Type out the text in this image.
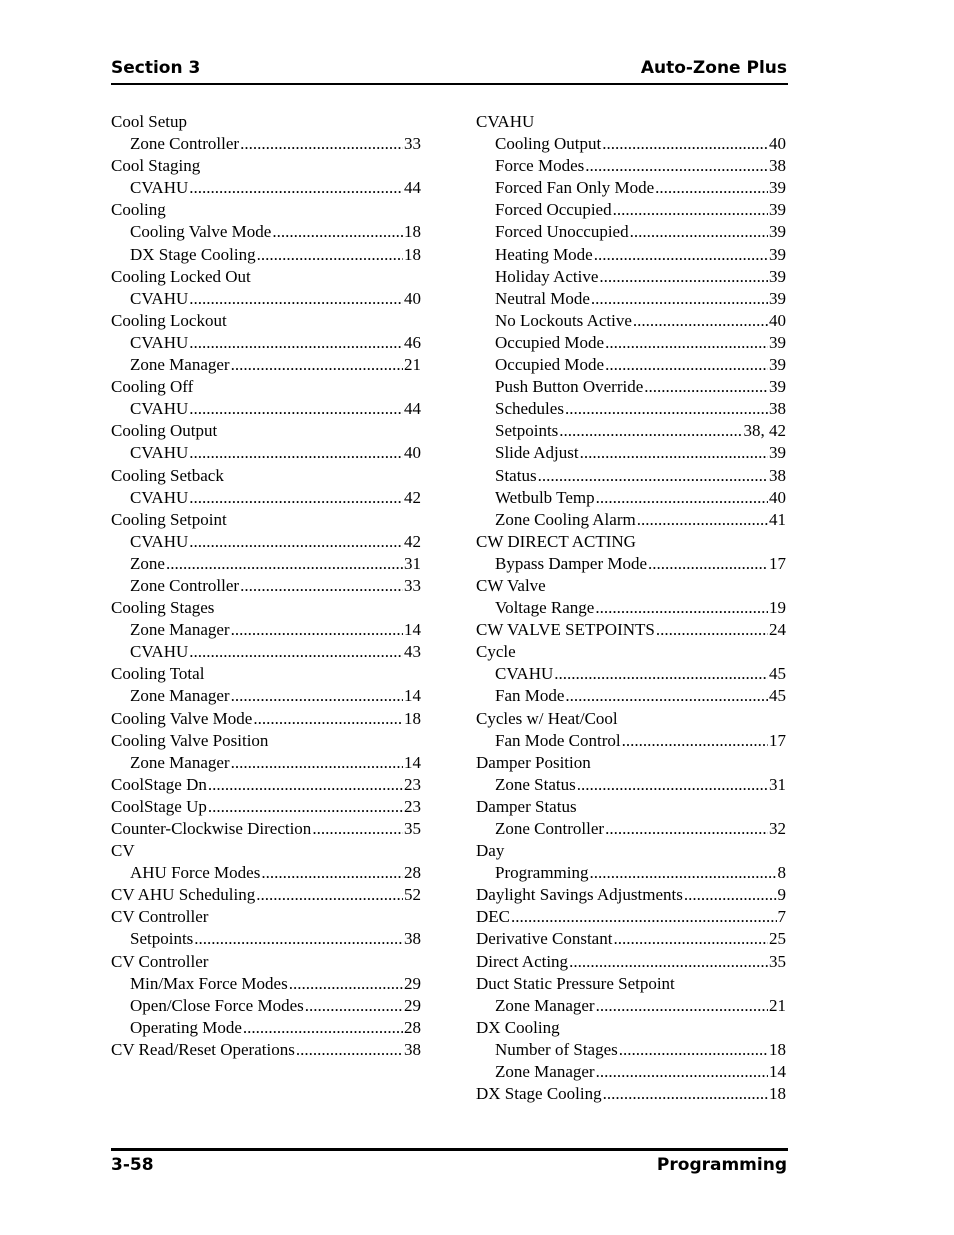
Section 3	Auto-Zone Plus
Cool Setup
Zone Controller .....	33
Cool Staging
CVAHU .....	44
Cooling
Cooling Valve Mode .....	18
DX Stage Cooling .....	18
Cooling Locked Out
CVAHU .....	40
Cooling Lockout
CVAHU .....	46
Zone Manager .....	21
Cooling Off
CVAHU .....	44
Cooling Output
CVAHU .....	40
Cooling Setback
CVAHU .....	42
Cooling Setpoint
CVAHU .....	42
Zone .....	31
Zone Controller .....	33
Cooling Stages
Zone Manager .....	14
CVAHU .....	43
Cooling Total
Zone Manager .....	14
Cooling Valve Mode .....	18
Cooling Valve Position
Zone Manager .....	14
CoolStage Dn .....	23
CoolStage Up .....	23
Counter-Clockwise Direction .....	35
CV
AHU Force Modes .....	28
CV AHU Scheduling .....	52
CV Controller
Setpoints .....	38
CV Controller
Min/Max Force Modes .....	29
Open/Close Force Modes .....	29
Operating Mode .....	28
CV Read/Reset Operations .....	38
CVAHU
Cooling Output .....	40
Force Modes .....	38
Forced Fan Only Mode .....	39
Forced Occupied .....	39
Forced Unoccupied .....	39
Heating Mode .....	39
Holiday Active .....	39
Neutral Mode .....	39
No Lockouts Active .....	40
Occupied Mode .....	39
Occupied Mode .....	39
Push Button Override .....	39
Schedules .....	38
Setpoints .....	38, 42
Slide Adjust .....	39
Status .....	38
Wetbulb Temp .....	40
Zone Cooling Alarm .....	41
CW DIRECT ACTING
Bypass Damper Mode .....	17
CW Valve
Voltage Range .....	19
CW VALVE SETPOINTS .....	24
Cycle
CVAHU .....	45
Fan Mode .....	45
Cycles w/ Heat/Cool
Fan Mode Control .....	17
Damper Position
Zone Status .....	31
Damper Status
Zone Controller .....	32
Day
Programming .....	8
Daylight Savings Adjustments .....	9
DEC .....	7
Derivative Constant .....	25
Direct Acting .....	35
Duct Static Pressure Setpoint
Zone Manager .....	21
DX Cooling
Number of Stages .....	18
Zone Manager .....	14
DX Stage Cooling .....	18
3-58	Programming
